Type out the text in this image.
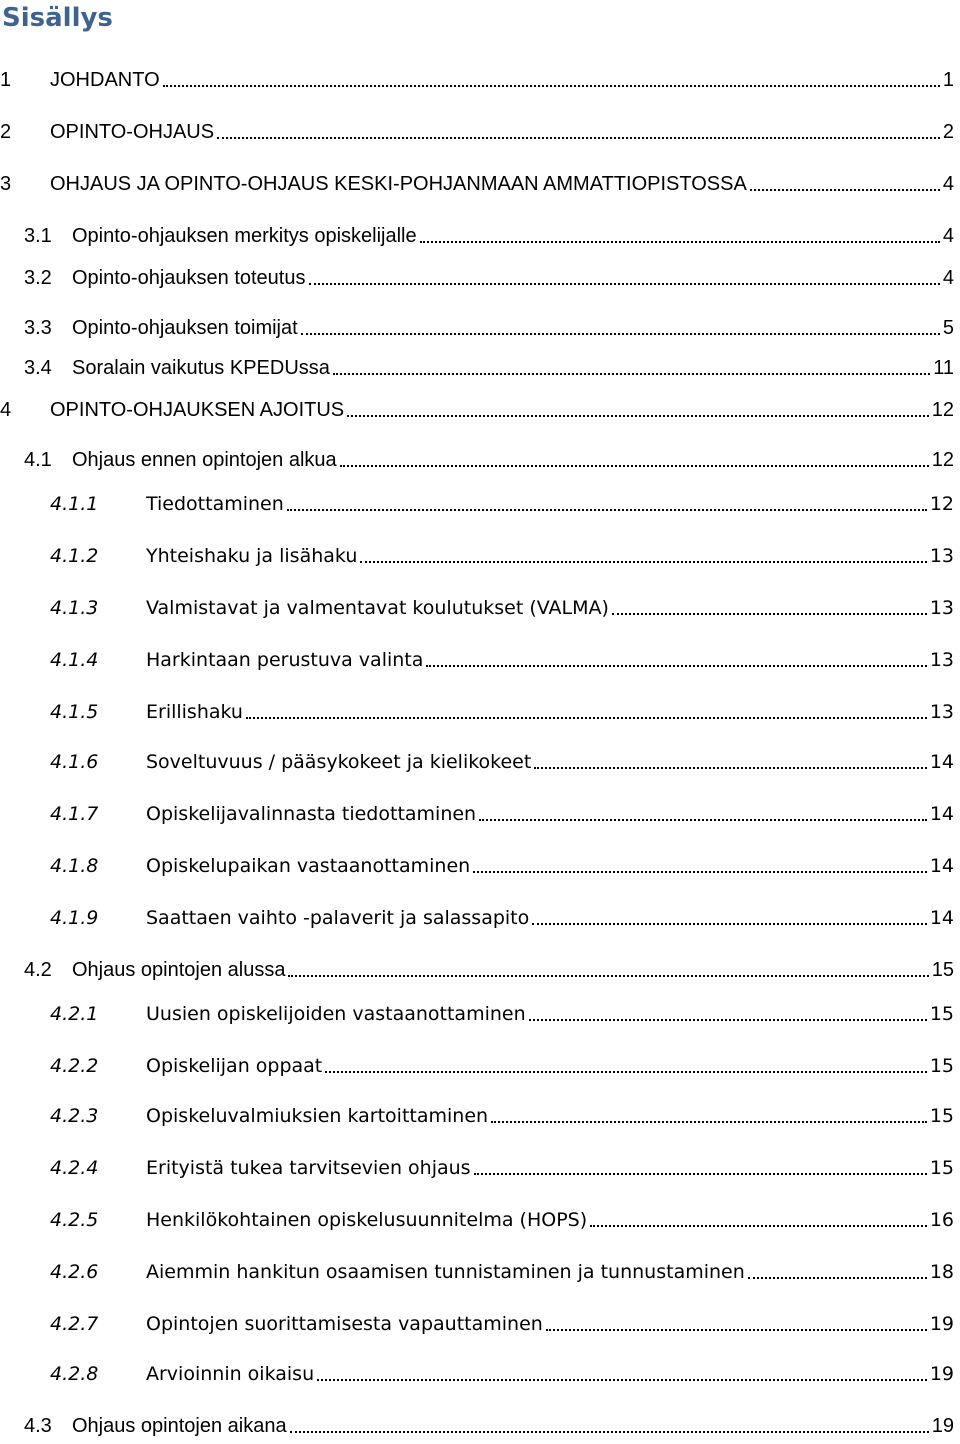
Sisällys
1	JOHDANTO	1
2	OPINTO-OHJAUS	2
3	OHJAUS JA OPINTO-OHJAUS KESKI-POHJANMAAN AMMATTIOPISTOSSA	4
3.1	Opinto-ohjauksen merkitys opiskelijalle	4
3.2	Opinto-ohjauksen toteutus	4
3.3	Opinto-ohjauksen toimijat	5
3.4	Soralain vaikutus KPEDUssa	11
4	OPINTO-OHJAUKSEN AJOITUS	12
4.1	Ohjaus ennen opintojen alkua	12
4.1.1	Tiedottaminen	12
4.1.2	Yhteishaku ja lisähaku	13
4.1.3	Valmistavat ja valmentavat koulutukset (VALMA)	13
4.1.4	Harkintaan perustuva valinta	13
4.1.5	Erillishaku	13
4.1.6	Soveltuvuus / pääsykokeet ja kielikokeet	14
4.1.7	Opiskelijavalinnasta tiedottaminen	14
4.1.8	Opiskelupaikan vastaanottaminen	14
4.1.9	Saattaen vaihto -palaverit ja salassapito	14
4.2	Ohjaus opintojen alussa	15
4.2.1	Uusien opiskelijoiden vastaanottaminen	15
4.2.2	Opiskelijan oppaat	15
4.2.3	Opiskeluvalmiuksien kartoittaminen	15
4.2.4	Erityistä tukea tarvitsevien ohjaus	15
4.2.5	Henkilökohtainen opiskelusuunnitelma (HOPS)	16
4.2.6	Aiemmin hankitun osaamisen tunnistaminen ja tunnustaminen	18
4.2.7	Opintojen suorittamisesta vapauttaminen	19
4.2.8	Arvioinnin oikaisu	19
4.3	Ohjaus opintojen aikana	19
